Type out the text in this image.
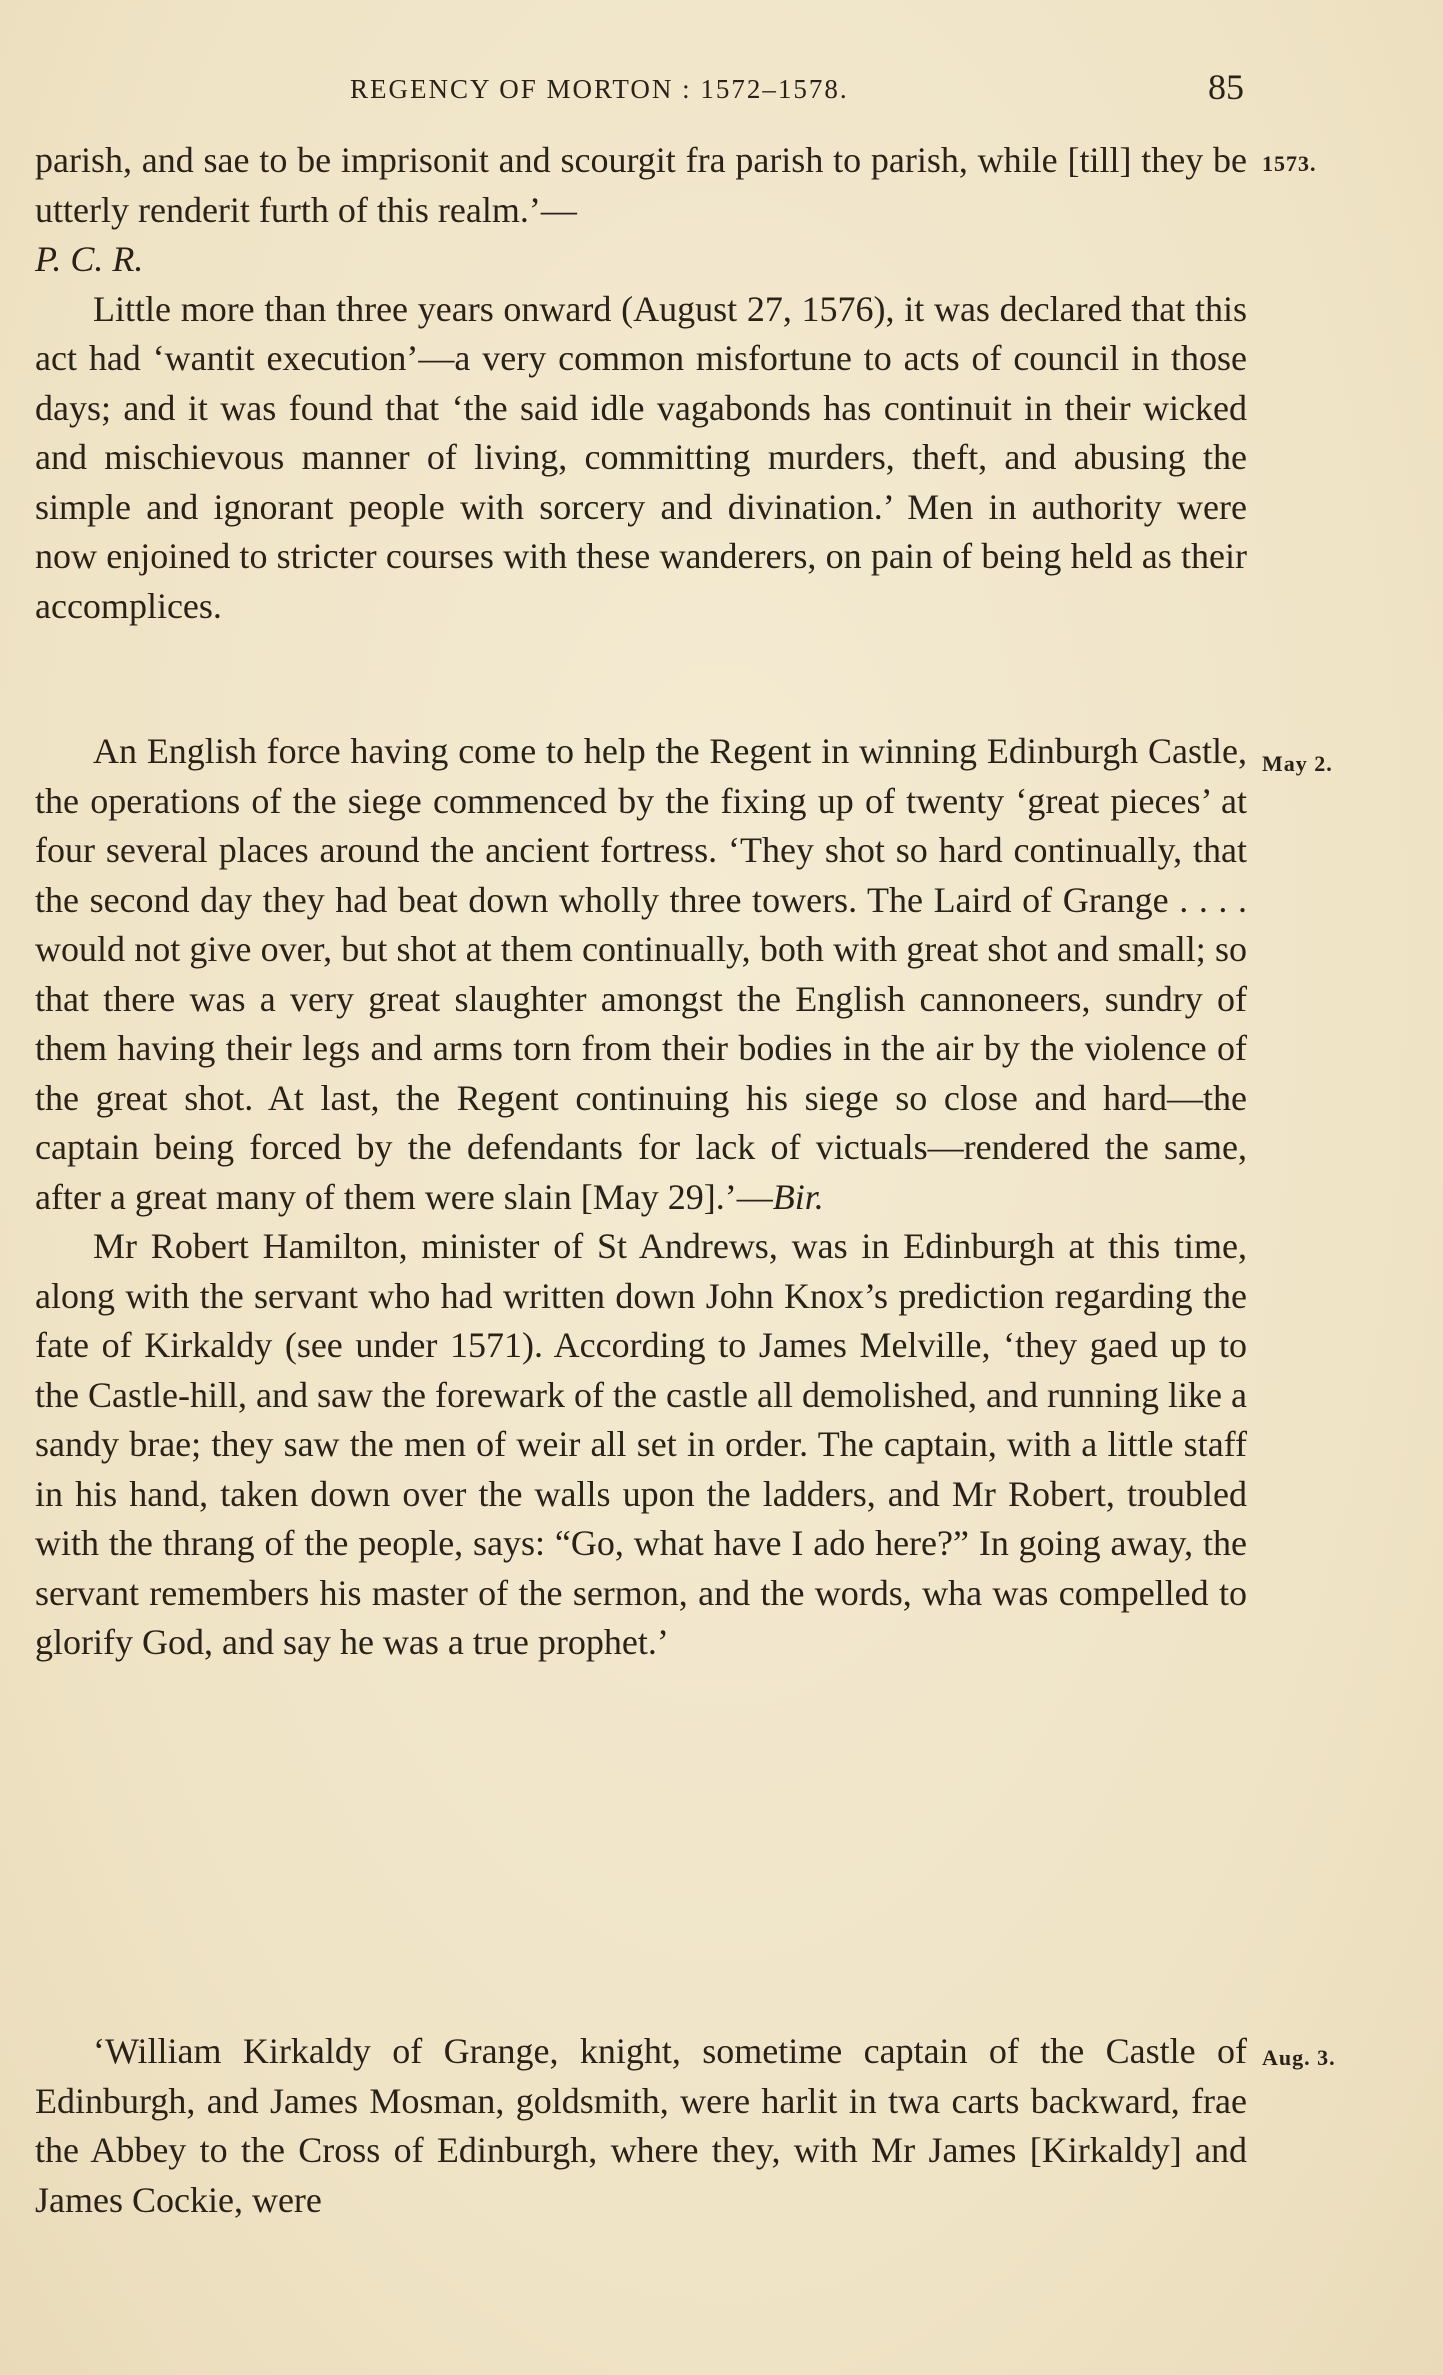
REGENCY OF MORTON : 1572–1578.	85
1573.
May 2.
Aug. 3.

parish, and sae to be imprisonit and scourgit fra parish to parish, while [till] they be utterly renderit furth of this realm.’—
P. C. R.

Little more than three years onward (August 27, 1576), it was declared that this act had ‘wantit execution’—a very common misfortune to acts of council in those days; and it was found that ‘the said idle vagabonds has continuit in their wicked and mischievous manner of living, committing murders, theft, and abusing the simple and ignorant people with sorcery and divination.’ Men in authority were now enjoined to stricter courses with these wanderers, on pain of being held as their accomplices.

An English force having come to help the Regent in winning Edinburgh Castle, the operations of the siege commenced by the fixing up of twenty ‘great pieces’ at four several places around the ancient fortress. ‘They shot so hard continually, that the second day they had beat down wholly three towers. The Laird of Grange . . . . would not give over, but shot at them continually, both with great shot and small; so that there was a very great slaughter amongst the English cannoneers, sundry of them having their legs and arms torn from their bodies in the air by the violence of the great shot. At last, the Regent continuing his siege so close and hard—the captain being forced by the defendants for lack of victuals—rendered the same, after a great many of them were slain [May 29].’—Bir.

Mr Robert Hamilton, minister of St Andrews, was in Edinburgh at this time, along with the servant who had written down John Knox’s prediction regarding the fate of Kirkaldy (see under 1571). According to James Melville, ‘they gaed up to the Castle-hill, and saw the forewark of the castle all demolished, and running like a sandy brae; they saw the men of weir all set in order. The captain, with a little staff in his hand, taken down over the walls upon the ladders, and Mr Robert, troubled with the thrang of the people, says: “Go, what have I ado here?” In going away, the servant remembers his master of the sermon, and the words, wha was compelled to glorify God, and say he was a true prophet.’

‘William Kirkaldy of Grange, knight, sometime captain of the Castle of Edinburgh, and James Mosman, goldsmith, were harlit in twa carts backward, frae the Abbey to the Cross of Edinburgh, where they, with Mr James [Kirkaldy] and James Cockie, were
